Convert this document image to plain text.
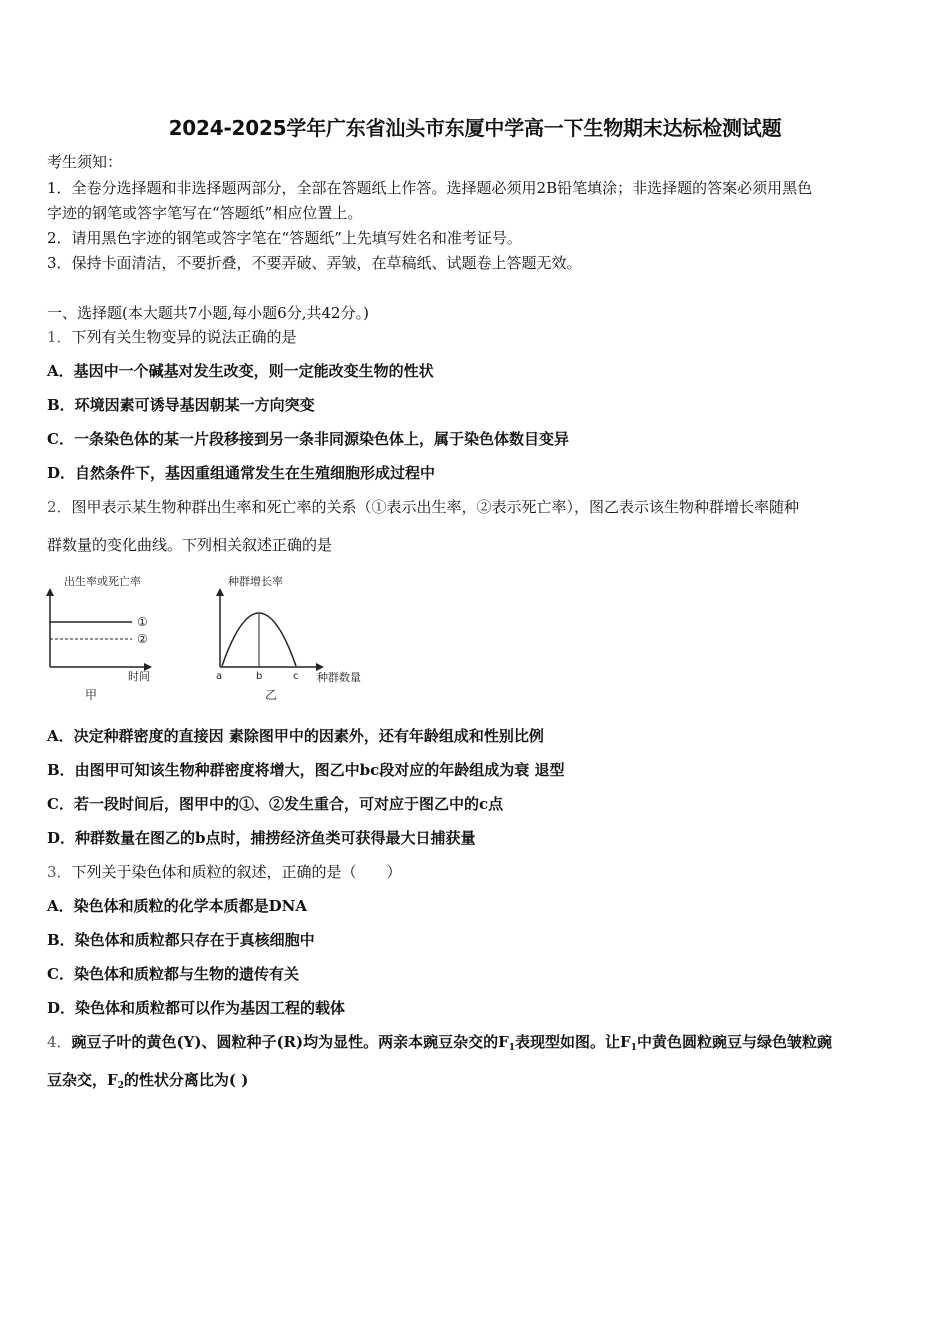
2024-2025学年广东省汕头市东厦中学高一下生物期末达标检测试题
考生须知：
1．全卷分选择题和非选择题两部分，全部在答题纸上作答。选择题必须用2B铅笔填涂；非选择题的答案必须用黑色
字迹的钢笔或答字笔写在“答题纸”相应位置上。
2．请用黑色字迹的钢笔或答字笔在“答题纸”上先填写姓名和准考证号。
3．保持卡面清洁，不要折叠，不要弄破、弄皱，在草稿纸、试题卷上答题无效。
一、选择题(本大题共7小题,每小题6分,共42分。)
1．下列有关生物变异的说法正确的是
A．基因中一个碱基对发生改变，则一定能改变生物的性状
B．环境因素可诱导基因朝某一方向突变
C．一条染色体的某一片段移接到另一条非同源染色体上，属于染色体数目变异
D．自然条件下，基因重组通常发生在生殖细胞形成过程中
2．图甲表示某生物种群出生率和死亡率的关系（①表示出生率，②表示死亡率），图乙表示该生物种群增长率随种
群数量的变化曲线。下列相关叙述正确的是
出生率或死亡率
①
②
时间
甲
种群增长率
a	b	c 种群数量
乙
A．决定种群密度的直接因 素除图甲中的因素外，还有年龄组成和性别比例
B．由图甲可知该生物种群密度将增大，图乙中bc段对应的年龄组成为衰 退型
C．若一段时间后，图甲中的①、②发生重合，可对应于图乙中的c点
D．种群数量在图乙的b点时，捕捞经济鱼类可获得最大日捕获量
3．下列关于染色体和质粒的叙述，正确的是（　　）
A．染色体和质粒的化学本质都是DNA
B．染色体和质粒都只存在于真核细胞中
C．染色体和质粒都与生物的遗传有关
D．染色体和质粒都可以作为基因工程的载体
4．豌豆子叶的黄色(Y)、圆粒种子(R)均为显性。两亲本豌豆杂交的$F_1$表现型如图。让$F_1$中黄色圆粒豌豆与绿色皱粒豌
豆杂交，$F_2$的性状分离比为( )
